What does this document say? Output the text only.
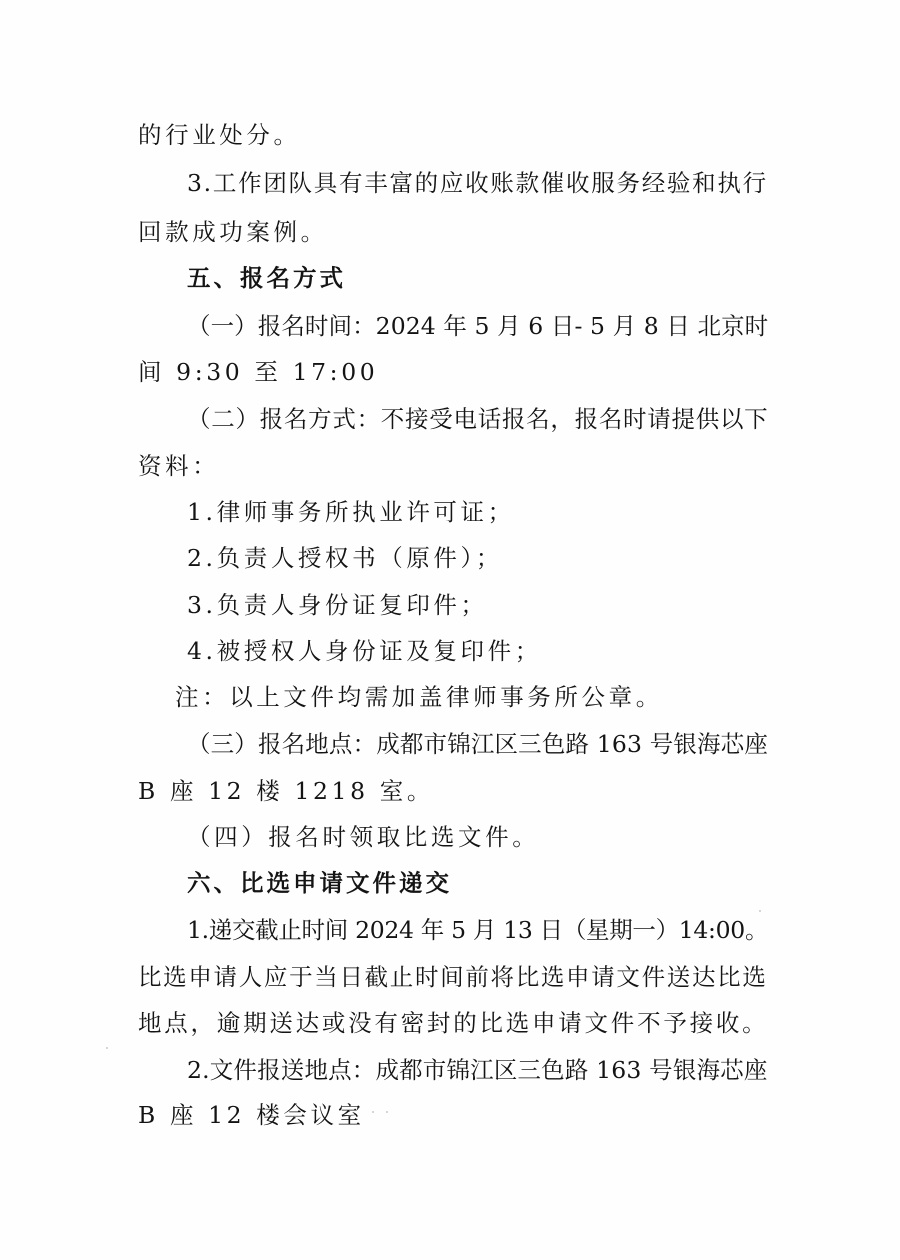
的行业处分。
3.工作团队具有丰富的应收账款催收服务经验和执行
回款成功案例。
五、报名方式
（一）报名时间：2024 年 5 月 6 日- 5 月 8 日 北京时
间 9:30 至 17:00
（二）报名方式：不接受电话报名，报名时请提供以下
资料：
1.律师事务所执业许可证；
2.负责人授权书（原件）；
3.负责人身份证复印件；
4.被授权人身份证及复印件；
注：以上文件均需加盖律师事务所公章。
（三）报名地点：成都市锦江区三色路 163 号银海芯座
B 座 12 楼 1218 室。
（四）报名时领取比选文件。
六、比选申请文件递交
1.递交截止时间 2024 年 5 月 13 日（星期一）14:00。
比选申请人应于当日截止时间前将比选申请文件送达比选
地点，逾期送达或没有密封的比选申请文件不予接收。
2.文件报送地点：成都市锦江区三色路 163 号银海芯座
B 座 12 楼会议室
